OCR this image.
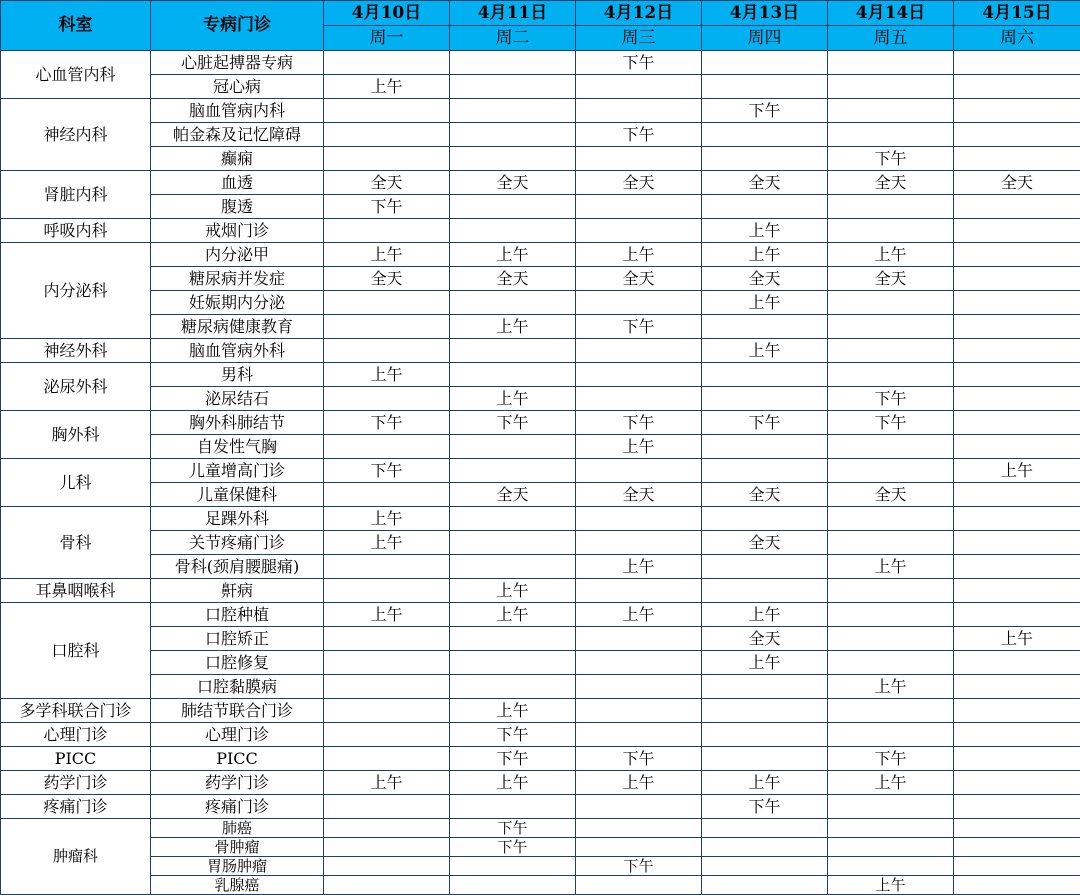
科室	专病门诊	4月10日	4月11日	4月12日	4月13日	4月14日	4月15日
		周一	周二	周三	周四	周五	周六
心血管内科	心脏起搏器专病			下午			
	冠心病	上午					
神经内科	脑血管病内科				下午		
	帕金森及记忆障碍			下午			
	癫痫					下午	
肾脏内科	血透	全天	全天	全天	全天	全天	全天
	腹透	下午					
呼吸内科	戒烟门诊				上午		
内分泌科	内分泌甲	上午	上午	上午	上午	上午	
	糖尿病并发症	全天	全天	全天	全天	全天	
	妊娠期内分泌				上午		
	糖尿病健康教育		上午	下午			
神经外科	脑血管病外科				上午		
泌尿外科	男科	上午					
	泌尿结石		上午			下午	
胸外科	胸外科肺结节	下午	下午	下午	下午	下午	
	自发性气胸			上午			
儿科	儿童增高门诊	下午					上午
	儿童保健科		全天	全天	全天	全天	
骨科	足踝外科	上午					
	关节疼痛门诊	上午			全天		
	骨科(颈肩腰腿痛)			上午		上午	
耳鼻咽喉科	鼾病		上午				
口腔科	口腔种植	上午	上午	上午	上午		
	口腔矫正				全天		上午
	口腔修复				上午		
	口腔黏膜病					上午	
多学科联合门诊	肺结节联合门诊		上午				
心理门诊	心理门诊		下午				
PICC	PICC		下午	下午		下午	
药学门诊	药学门诊	上午	上午	上午	上午	上午	
疼痛门诊	疼痛门诊				下午		
肿瘤科	肺癌		下午				
	骨肿瘤		下午				
	胃肠肿瘤			下午			
	乳腺癌					上午	
